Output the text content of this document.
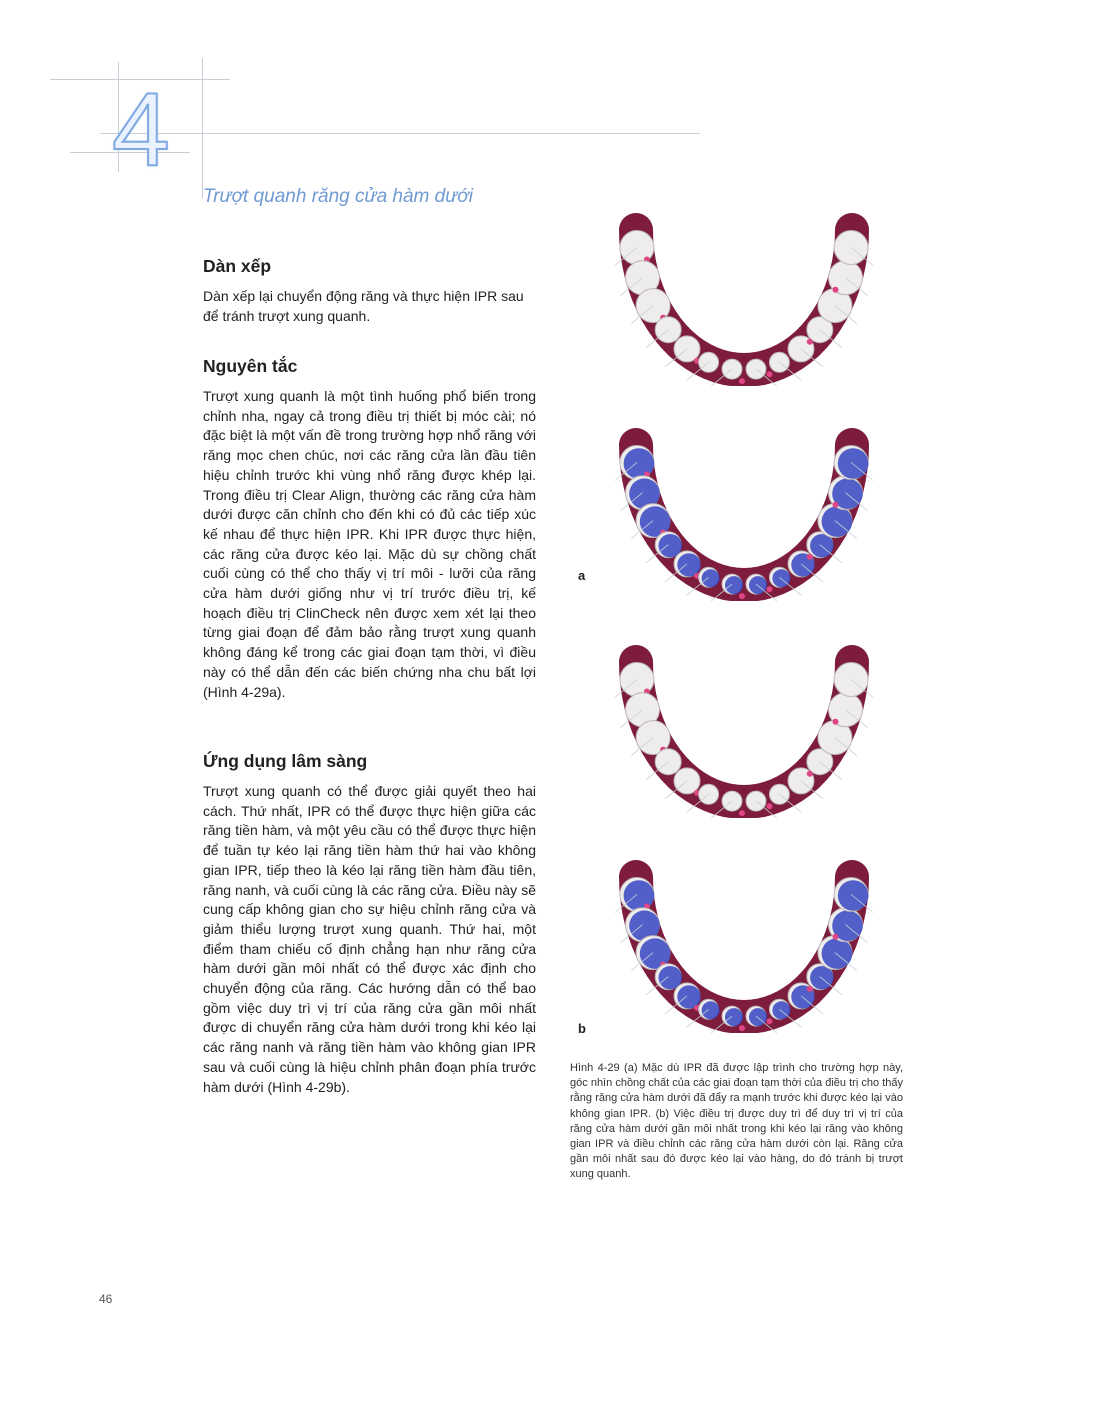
4
Trượt quanh răng cửa hàm dưới
Dàn xếp

Dàn xếp lại chuyển động răng và thực hiện IPR sau để tránh trượt xung quanh.

Nguyên tắc

Trượt xung quanh là một tình huống phổ biến trong chỉnh nha, ngay cả trong điều trị thiết bị móc cài; nó đặc biệt là một vấn đề trong trường hợp nhổ răng với răng mọc chen chúc, nơi các răng cửa lần đầu tiên hiệu chỉnh trước khi vùng nhổ răng được khép lại. Trong điều trị Clear Align, thường các răng cửa hàm dưới được căn chỉnh cho đến khi có đủ các tiếp xúc kế nhau để thực hiện IPR. Khi IPR được thực hiện, các răng cửa được kéo lại. Mặc dù sự chồng chất cuối cùng có thể cho thấy vị trí môi - lưỡi của răng cửa hàm dưới giống như vị trí trước điều trị, kế hoạch điều trị ClinCheck nên được xem xét lại theo từng giai đoạn để đảm bảo rằng trượt xung quanh không đáng kể trong các giai đoạn tạm thời, vì điều này có thể dẫn đến các biến chứng nha chu bất lợi (Hình 4-29a).

Ứng dụng lâm sàng

Trượt xung quanh có thể được giải quyết theo hai cách. Thứ nhất, IPR có thể được thực hiện giữa các răng tiền hàm, và một yêu cầu có thể được thực hiện để tuần tự kéo lại răng tiền hàm thứ hai vào không gian IPR, tiếp theo là kéo lại răng tiền hàm đầu tiên, răng nanh, và cuối cùng là các răng cửa. Điều này sẽ cung cấp không gian cho sự hiệu chỉnh răng cửa và giảm thiểu lượng trượt xung quanh. Thứ hai, một điểm tham chiếu cố định chẳng hạn như răng cửa hàm dưới gần môi nhất có thể được xác định cho chuyển động của răng. Các hướng dẫn có thể bao gồm việc duy trì vị trí của răng cửa gần môi nhất được di chuyển răng cửa hàm dưới trong khi kéo lại các răng nanh và răng tiền hàm vào không gian IPR sau và cuối cùng là hiệu chỉnh phân đoạn phía trước hàm dưới (Hình 4-29b).

a
b
Hình 4-29 (a) Mặc dù IPR đã được lập trình cho trường hợp này, góc nhìn chồng chất của các giai đoạn tạm thời của điều trị cho thấy rằng răng cửa hàm dưới đã đẩy ra mạnh trước khi được kéo lại vào không gian IPR. (b) Việc điều trị được duy trì để duy trì vị trí của răng cửa hàm dưới gần môi nhất trong khi kéo lại răng vào không gian IPR và điều chỉnh các răng cửa hàm dưới còn lại. Răng cửa gần môi nhất sau đó được kéo lại vào hàng, do đó tránh bị trượt xung quanh.
46
